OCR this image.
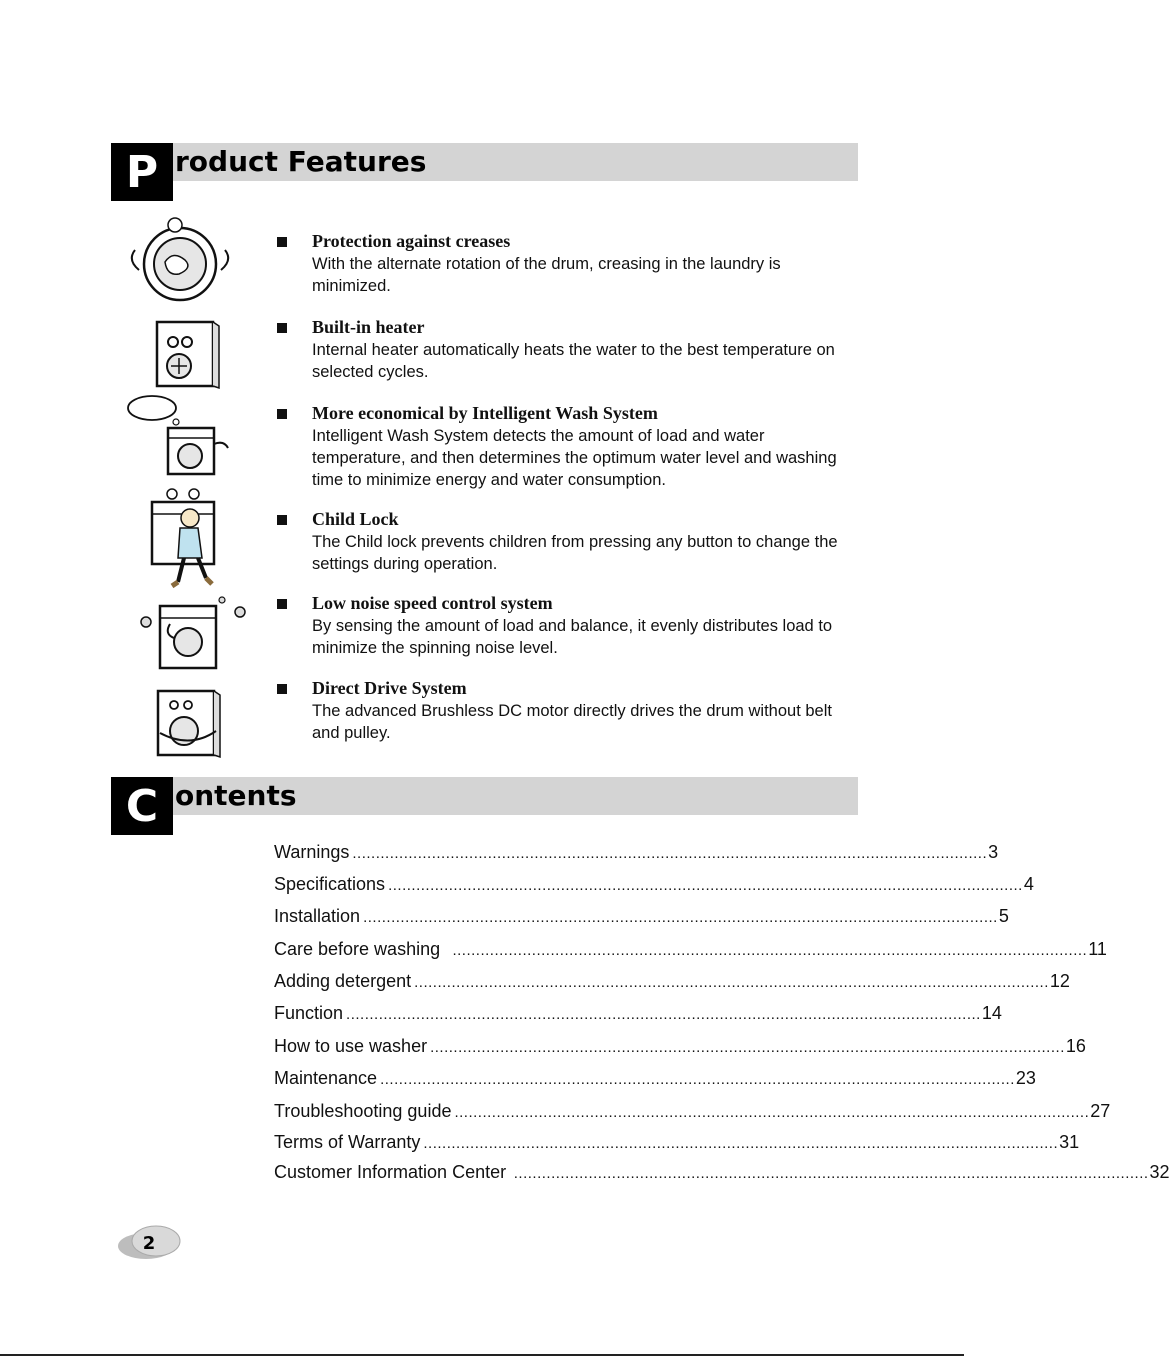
P roduct Features
Protection against creases
With the alternate rotation of the drum, creasing in the laundry is minimized.
Built-in heater
Internal heater automatically heats the water to the best temperature on selected cycles.
More economical by Intelligent Wash System
Intelligent Wash System detects the amount of load and water temperature, and then determines the optimum water level and washing time to minimize energy and water consumption.
Child Lock
The Child lock prevents children from pressing any button to change the settings during operation.
Low noise speed control system
By sensing the amount of load and balance, it evenly distributes load to minimize the spinning noise level.
Direct Drive System
The advanced Brushless DC motor directly drives the drum without belt and pulley.
C ontents
Warnings ........................................................................................................................................ 3
Specifications ........................................................................................................................................ 4
Installation ........................................................................................................................................ 5
Care before washing ........................................................................................................................................ 11
Adding detergent ........................................................................................................................................ 12
Function ........................................................................................................................................ 14
How to use washer ........................................................................................................................................ 16
Maintenance ........................................................................................................................................ 23
Troubleshooting guide ........................................................................................................................................ 27
Terms of Warranty ........................................................................................................................................ 31
Customer Information Center ........................................................................................................................................ 32
2
